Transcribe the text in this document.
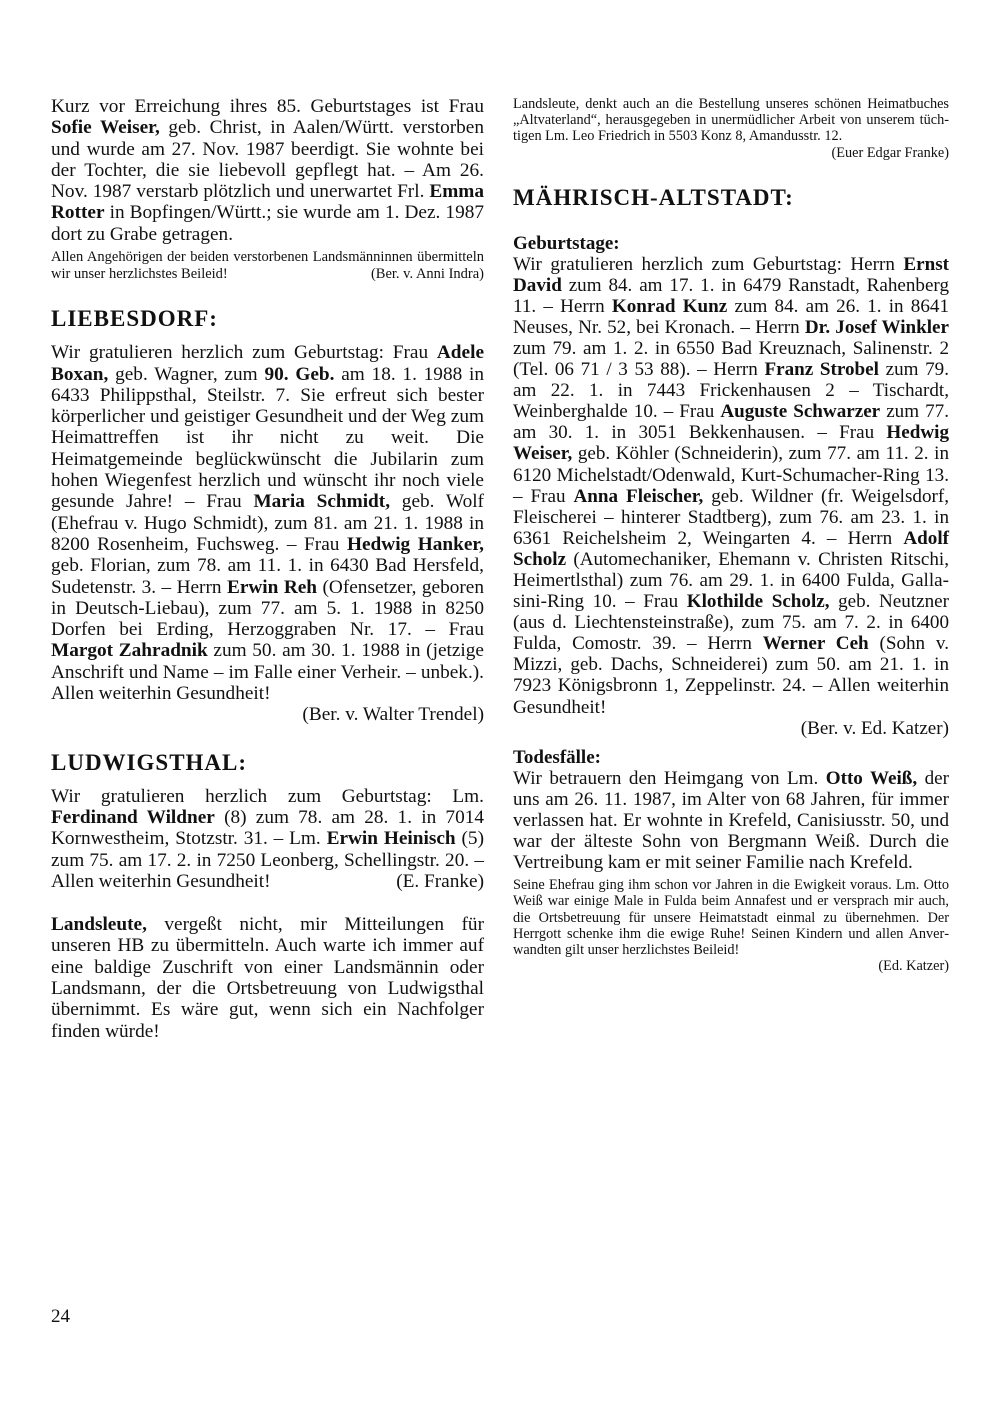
Kurz vor Erreichung ihres 85. Geburtstages ist Frau Sofie Weiser, geb. Christ, in Aalen/Württ. verstorben und wurde am 27. Nov. 1987 beerdigt. Sie wohnte bei der Tochter, die sie liebevoll gepflegt hat. – Am 26. Nov. 1987 verstarb plötzlich und unerwartet Frl. Emma Rotter in Bopfingen/Württ.; sie wurde am 1. Dez. 1987 dort zu Grabe getragen.

Allen Angehörigen der beiden verstorbenen Landsmänninnen übermitteln wir unser herzlichstes Beileid!	(Ber. v. Anni Indra)

LIEBESDORF:

Wir gratulieren herzlich zum Geburtstag: Frau Adele Boxan, geb. Wagner, zum 90. Geb. am 18. 1. 1988 in 6433 Philippsthal, Steilstr. 7. Sie erfreut sich bester körperlicher und geistiger Gesundheit und der Weg zum Heimattreffen ist ihr nicht zu weit. Die Heimatgemeinde beglückwünscht die Jubilarin zum hohen Wiegenfest herzlich und wünscht ihr noch viele gesunde Jahre! – Frau Maria Schmidt, geb. Wolf (Ehefrau v. Hugo Schmidt), zum 81. am 21. 1. 1988 in 8200 Rosenheim, Fuchsweg. – Frau Hedwig Hanker, geb. Florian, zum 78. am 11. 1. in 6430 Bad Hersfeld, Sudetenstr. 3. – Herrn Erwin Reh (Ofensetzer, geboren in Deutsch-Liebau), zum 77. am 5. 1. 1988 in 8250 Dorfen bei Erding, Herzoggraben Nr. 17. – Frau Margot Zahradnik zum 50. am 30. 1. 1988 in (jetzige Anschrift und Name – im Falle einer Verheir. – unbek.). Allen weiterhin Gesundheit!

(Ber. v. Walter Trendel)

LUDWIGSTHAL:

Wir gratulieren herzlich zum Geburtstag: Lm. Ferdinand Wildner (8) zum 78. am 28. 1. in 7014 Kornwestheim, Stotzstr. 31. – Lm. Erwin Heinisch (5) zum 75. am 17. 2. in 7250 Leonberg, Schellingstr. 20. – Allen weiterhin Gesundheit!	(E. Franke)

Landsleute, vergeßt nicht, mir Mitteilungen für unseren HB zu übermitteln. Auch warte ich immer auf eine baldige Zuschrift von einer Landsmännin oder Landsmann, der die Ortsbetreuung von Ludwigsthal übernimmt. Es wäre gut, wenn sich ein Nachfolger finden würde!

Landsleute, denkt auch an die Bestellung unseres schönen Heimatbuches „Altvaterland“, herausgegeben in unermüdlicher Arbeit von unserem tüchtigen Lm. Leo Friedrich in 5503 Konz 8, Amandusstr. 12.
(Euer Edgar Franke)

MÄHRISCH-ALTSTADT:

Geburtstage:

Wir gratulieren herzlich zum Geburtstag: Herrn Ernst David zum 84. am 17. 1. in 6479 Ranstadt, Rahenberg 11. – Herrn Konrad Kunz zum 84. am 26. 1. in 8641 Neuses, Nr. 52, bei Kronach. – Herrn Dr. Josef Winkler zum 79. am 1. 2. in 6550 Bad Kreuznach, Salinenstr. 2 (Tel. 06 71 / 3 53 88). – Herrn Franz Strobel zum 79. am 22. 1. in 7443 Frickenhausen 2 – Tischardt, Weinberghalde 10. – Frau Auguste Schwarzer zum 77. am 30. 1. in 3051 Bekkenhausen. – Frau Hedwig Weiser, geb. Köhler (Schneiderin), zum 77. am 11. 2. in 6120 Michelstadt/Odenwald, Kurt-Schumacher-Ring 13. – Frau Anna Fleischer, geb. Wildner (fr. Weigelsdorf, Fleischerei – hinterer Stadtberg), zum 76. am 23. 1. in 6361 Reichelsheim 2, Weingarten 4. – Herrn Adolf Scholz (Automechaniker, Ehemann v. Christen Ritschi, Heimertlsthal) zum 76. am 29. 1. in 6400 Fulda, Gallasini-Ring 10. – Frau Klothilde Scholz, geb. Neutzner (aus d. Liechtensteinstraße), zum 75. am 7. 2. in 6400 Fulda, Comostr. 39. – Herrn Werner Ceh (Sohn v. Mizzi, geb. Dachs, Schneiderei) zum 50. am 21. 1. in 7923 Königsbronn 1, Zeppelinstr. 24. – Allen weiterhin Gesundheit!

(Ber. v. Ed. Katzer)

Todesfälle:

Wir betrauern den Heimgang von Lm. Otto Weiß, der uns am 26. 11. 1987, im Alter von 68 Jahren, für immer verlassen hat. Er wohnte in Krefeld, Canisiusstr. 50, und war der älteste Sohn von Bergmann Weiß. Durch die Vertreibung kam er mit seiner Familie nach Krefeld.

Seine Ehefrau ging ihm schon vor Jahren in die Ewigkeit voraus. Lm. Otto Weiß war einige Male in Fulda beim Annafest und er versprach mir auch, die Ortsbetreuung für unsere Heimatstadt einmal zu übernehmen. Der Herrgott schenke ihm die ewige Ruhe! Seinen Kindern und allen Anverwandten gilt unser herzlichstes Beileid!

(Ed. Katzer)

24
